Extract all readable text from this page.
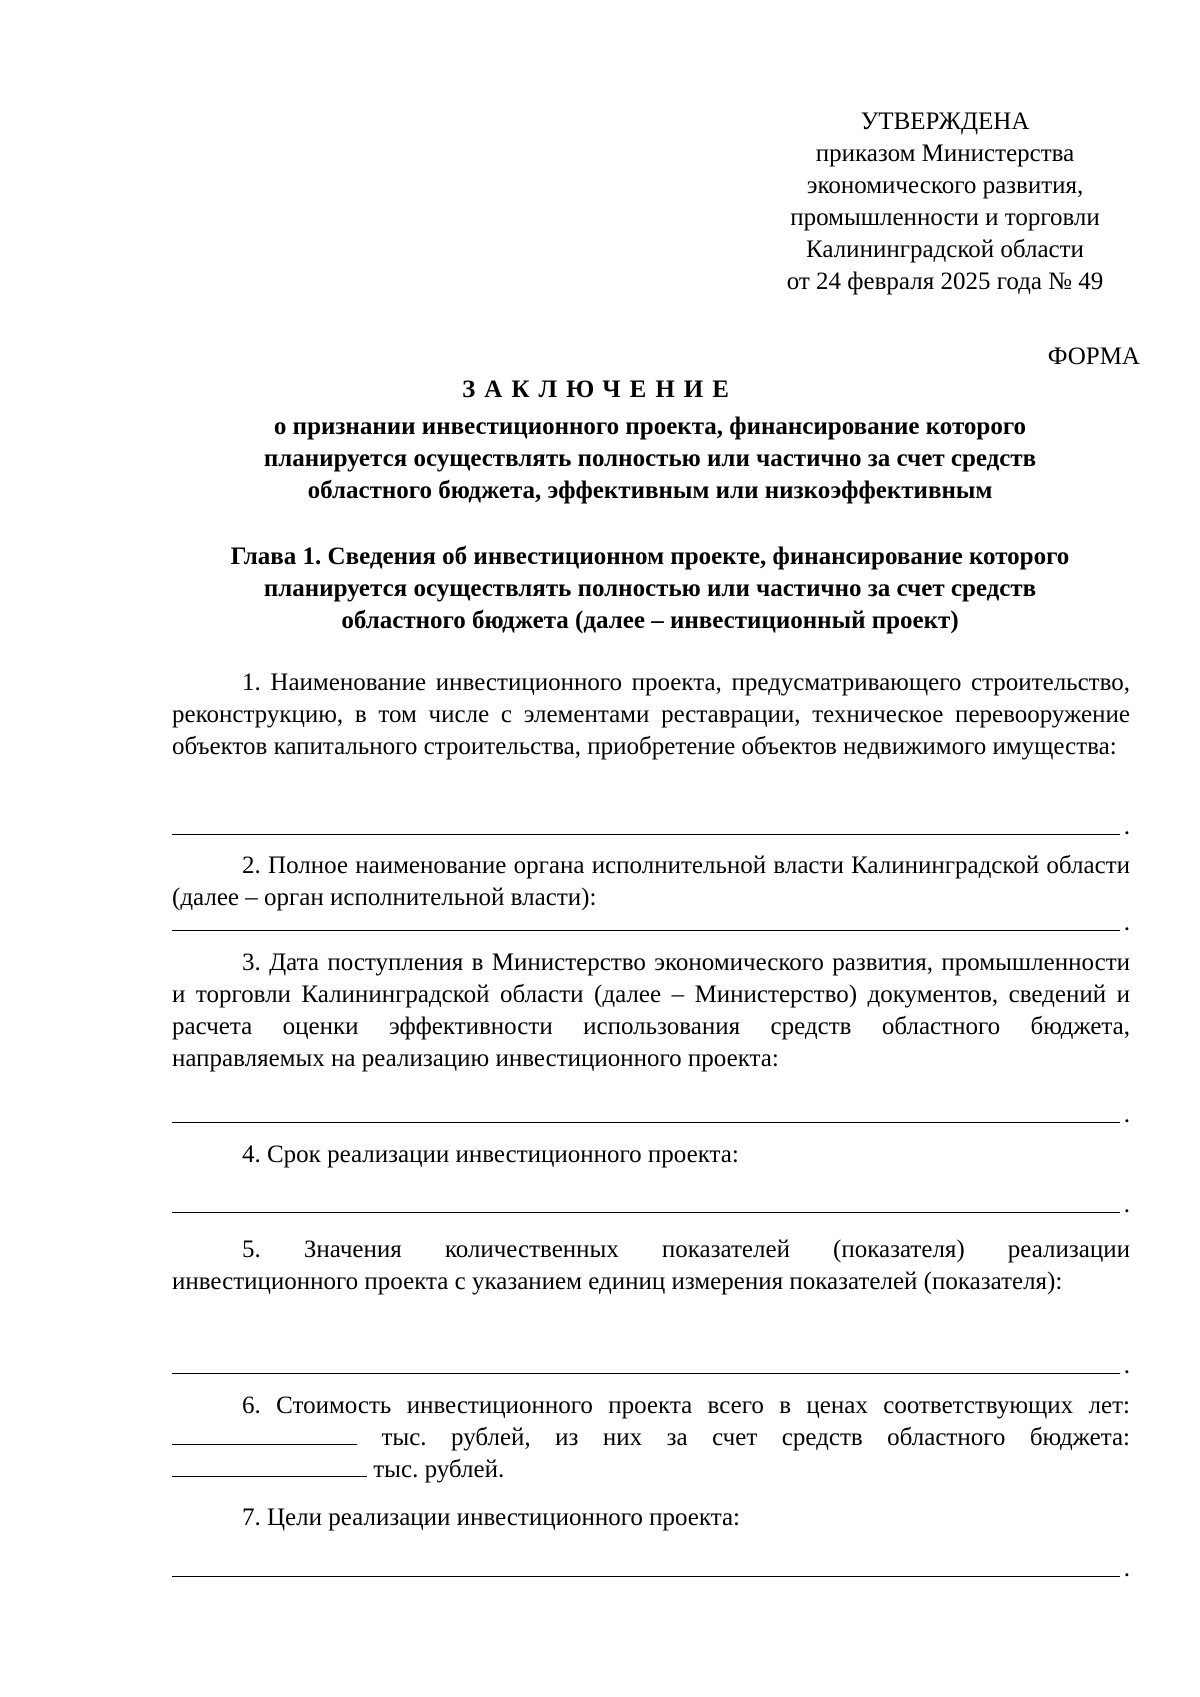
УТВЕРЖДЕНА
приказом Министерства
экономического развития,
промышленности и торговли
Калининградской области
от 24 февраля 2025 года № 49
ФОРМА
ЗАКЛЮЧЕНИЕ
о признании инвестиционного проекта, финансирование которого
планируется осуществлять полностью или частично за счет средств
областного бюджета, эффективным или низкоэффективным
Глава 1. Сведения об инвестиционном проекте, финансирование которого
планируется осуществлять полностью или частично за счет средств
областного бюджета (далее – инвестиционный проект)
1. Наименование инвестиционного проекта, предусматривающего строительство, реконструкцию, в том числе с элементами реставрации, техническое перевооружение объектов капитального строительства, приобретение объектов недвижимого имущества:
.
2. Полное наименование органа исполнительной власти Калининградской области (далее – орган исполнительной власти):
.
3. Дата поступления в Министерство экономического развития, промышленности и торговли Калининградской области (далее – Министерство) документов, сведений и расчета оценки эффективности использования средств областного бюджета, направляемых на реализацию инвестиционного проекта:
.
4. Срок реализации инвестиционного проекта:
.
5. Значения количественных показателей (показателя) реализации инвестиционного проекта с указанием единиц измерения показателей (показателя):
.
6. Стоимость инвестиционного проекта всего в ценах соответствующих лет:  тыс. рублей, из них за счет средств областного бюджета:  тыс. рублей.
7. Цели реализации инвестиционного проекта:
.
